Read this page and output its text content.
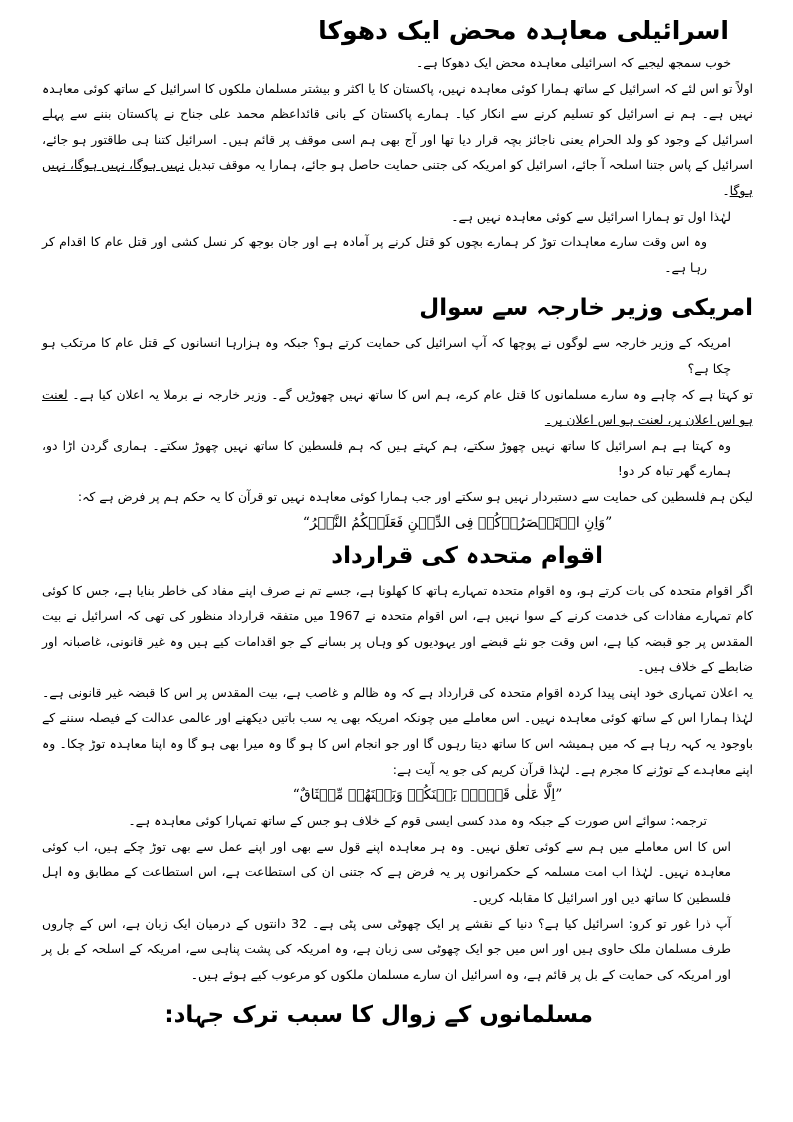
اسرائیلی معاہدہ محض ایک دھوکا

خوب سمجھ لیجیے کہ اسرائیلی معاہدہ محض ایک دھوکا ہے۔

اولاً تو اس لئے کہ اسرائیل کے ساتھ ہمارا کوئی معاہدہ نہیں، پاکستان کا یا اکثر و بیشتر مسلمان ملکوں کا اسرائیل کے ساتھ کوئی معاہدہ نہیں ہے۔ ہم نے اسرائیل کو تسلیم کرنے سے انکار کیا۔ ہمارے پاکستان کے بانی قائداعظم محمد علی جناح نے پاکستان بننے سے پہلے اسرائیل کے وجود کو ولد الحرام یعنی ناجائز بچہ قرار دیا تھا اور آج بھی ہم اسی موقف پر قائم ہیں۔ اسرائیل کتنا ہی طاقتور ہو جائے، اسرائیل کے پاس جتنا اسلحہ آ جائے، اسرائیل کو امریکہ کی جتنی حمایت حاصل ہو جائے، ہمارا یہ موقف تبدیل نہیں ہوگا، نہیں ہوگا، نہیں ہوگا۔

لہٰذا اول تو ہمارا اسرائیل سے کوئی معاہدہ نہیں ہے۔

وہ اس وقت سارے معاہدات توڑ کر ہمارے بچوں کو قتل کرنے پر آمادہ ہے اور جان بوجھ کر نسل کشی اور قتل عام کا اقدام کر رہا ہے۔

امریکی وزیر خارجہ سے سوال

امریکہ کے وزیر خارجہ سے لوگوں نے پوچھا کہ آپ اسرائیل کی حمایت کرتے ہو؟ جبکہ وہ ہزارہا انسانوں کے قتل عام کا مرتکب ہو چکا ہے؟

تو کہتا ہے کہ چاہے وہ سارے مسلمانوں کا قتل عام کرے، ہم اس کا ساتھ نہیں چھوڑیں گے۔ وزیر خارجہ نے برملا یہ اعلان کیا ہے۔ لعنت ہو اس اعلان پر، لعنت ہو اس اعلان پر۔

وہ کہتا ہے ہم اسرائیل کا ساتھ نہیں چھوڑ سکتے، ہم کہتے ہیں کہ ہم فلسطین کا ساتھ نہیں چھوڑ سکتے۔ ہماری گردن اڑا دو، ہمارے گھر تباہ کر دو!

لیکن ہم فلسطین کی حمایت سے دستبردار نہیں ہو سکتے اور جب ہمارا کوئی معاہدہ نہیں تو قرآن کا یہ حکم ہم پر فرض ہے کہ:

”وَاِنِ اسۡتَنۡصَرُوۡكُمۡ فِى الدِّيۡنِ فَعَلَيۡكُمُ النَّصۡرُ“
اقوام متحدہ کی قرارداد

اگر اقوام متحدہ کی بات کرتے ہو، وہ اقوام متحدہ تمہارے ہاتھ کا کھلونا ہے، جسے تم نے صرف اپنے مفاد کی خاطر بنایا ہے، جس کا کوئی کام تمہارے مفادات کی خدمت کرنے کے سوا نہیں ہے، اس اقوام متحدہ نے 1967 میں متفقہ قرارداد منظور کی تھی کہ اسرائیل نے بیت المقدس پر جو قبضہ کیا ہے، اس وقت جو نئے قبضے اور یہودیوں کو وہاں پر بسانے کے جو اقدامات کیے ہیں وہ غیر قانونی، غاصبانہ اور ضابطے کے خلاف ہیں۔

یہ اعلان تمہاری خود اپنی پیدا کردہ اقوام متحدہ کی قرارداد ہے کہ وہ ظالم و غاصب ہے، بیت المقدس پر اس کا قبضہ غیر قانونی ہے۔ لہٰذا ہمارا اس کے ساتھ کوئی معاہدہ نہیں۔ اس معاملے میں چونکہ امریکہ بھی یہ سب باتیں دیکھنے اور عالمی عدالت کے فیصلہ سننے کے باوجود یہ کہہ رہا ہے کہ میں ہمیشہ اس کا ساتھ دیتا رہوں گا اور جو انجام اس کا ہو گا وہ میرا بھی ہو گا وہ اپنا معاہدہ توڑ چکا۔ وہ اپنے معاہدے کے توڑنے کا مجرم ہے۔ لہٰذا قرآن کریم کی جو یہ آیت ہے:

”اِلَّا عَلٰى قَوۡمٍۢ بَيۡنَكُمۡ وَبَيۡنَهُمۡ مِّيۡثَاقٌ“

ترجمہ: سوائے اس صورت کے جبکہ وہ مدد کسی ایسی قوم کے خلاف ہو جس کے ساتھ تمہارا کوئی معاہدہ ہے۔

اس کا اس معاملے میں ہم سے کوئی تعلق نہیں۔ وہ ہر معاہدہ اپنے قول سے بھی اور اپنے عمل سے بھی توڑ چکے ہیں، اب کوئی معاہدہ نہیں۔ لہٰذا اب امت مسلمہ کے حکمرانوں پر یہ فرض ہے کہ جتنی ان کی استطاعت ہے، اس استطاعت کے مطابق وہ اہل فلسطین کا ساتھ دیں اور اسرائیل کا مقابلہ کریں۔

آپ ذرا غور تو کرو: اسرائیل کیا ہے؟ دنیا کے نقشے پر ایک چھوٹی سی پٹی ہے۔ 32 دانتوں کے درمیان ایک زبان ہے، اس کے چاروں طرف مسلمان ملک حاوی ہیں اور اس میں جو ایک چھوٹی سی زبان ہے، وہ امریکہ کی پشت پناہی سے، امریکہ کے اسلحہ کے بل پر اور امریکہ کی حمایت کے بل پر قائم ہے، وہ اسرائیل ان سارے مسلمان ملکوں کو مرعوب کیے ہوئے ہیں۔

مسلمانوں کے زوال کا سبب ترک جہاد:
